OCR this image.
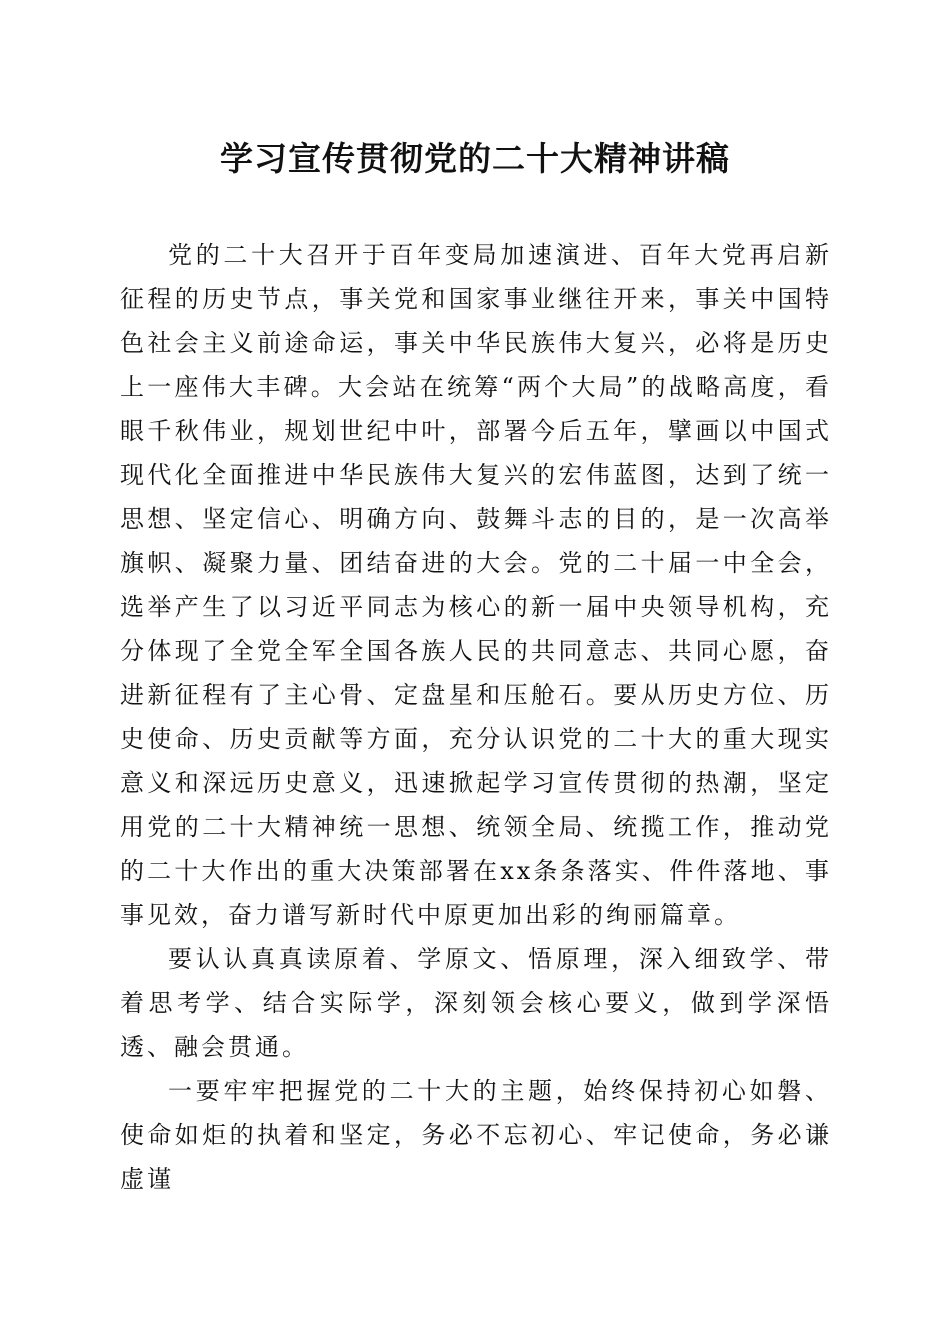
学习宣传贯彻党的二十大精神讲稿

党的二十大召开于百年变局加速演进、百年大党再启新征程的历史节点，事关党和国家事业继往开来，事关中国特色社会主义前途命运，事关中华民族伟大复兴，必将是历史上一座伟大丰碑。大会站在统筹“两个大局”的战略高度，看眼千秋伟业，规划世纪中叶，部署今后五年，擘画以中国式现代化全面推进中华民族伟大复兴的宏伟蓝图，达到了统一思想、坚定信心、明确方向、鼓舞斗志的目的，是一次高举旗帜、凝聚力量、团结奋进的大会。党的二十届一中全会，选举产生了以习近平同志为核心的新一届中央领导机构，充分体现了全党全军全国各族人民的共同意志、共同心愿，奋进新征程有了主心骨、定盘星和压舱石。要从历史方位、历史使命、历史贡献等方面，充分认识党的二十大的重大现实意义和深远历史意义，迅速掀起学习宣传贯彻的热潮，坚定用党的二十大精神统一思想、统领全局、统揽工作，推动党的二十大作出的重大决策部署在xx条条落实、件件落地、事事见效，奋力谱写新时代中原更加出彩的绚丽篇章。

要认认真真读原着、学原文、悟原理，深入细致学、带着思考学、结合实际学，深刻领会核心要义，做到学深悟透、融会贯通。

一要牢牢把握党的二十大的主题，始终保持初心如磐、使命如炬的执着和坚定，务必不忘初心、牢记使命，务必谦虚谨
